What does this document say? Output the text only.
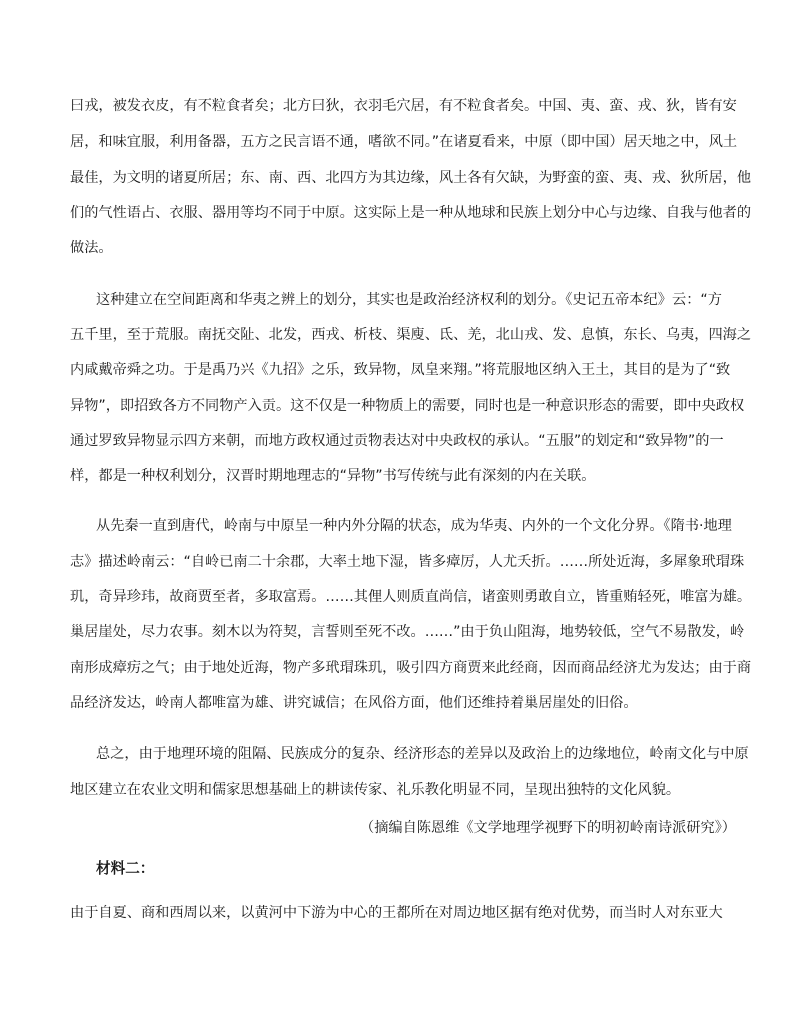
曰戎，被发衣皮，有不粒食者矣；北方曰狄，衣羽毛穴居，有不粒食者矣。中国、夷、蛮、戎、狄，皆有安
居，和味宜服，利用备器，五方之民言语不通，嗜欲不同。”在诸夏看来，中原（即中国）居天地之中，风土
最佳，为文明的诸夏所居；东、南、西、北四方为其边缘，风土各有欠缺，为野蛮的蛮、夷、戎、狄所居，他
们的气性语占、衣服、器用等均不同于中原。这实际上是一种从地球和民族上划分中心与边缘、自我与他者的
做法。
这种建立在空间距离和华夷之辨上的划分，其实也是政治经济权利的划分。《史记五帝本纪》云：“方
五千里，至于荒服。南抚交阯、北发，西戎、析枝、渠廋、氐、羌，北山戎、发、息慎，东长、乌夷，四海之
内咸戴帝舜之功。于是禹乃兴《九招》之乐，致异物，凤皇来翔。”将荒服地区纳入王土，其目的是为了“致
异物”，即招致各方不同物产入贡。这不仅是一种物质上的需要，同时也是一种意识形态的需要，即中央政权
通过罗致异物显示四方来朝，而地方政权通过贡物表达对中央政权的承认。“五服”的划定和“致异物”的一
样，都是一种权利划分，汉晋时期地理志的“异物”书写传统与此有深刻的内在关联。
从先秦一直到唐代，岭南与中原呈一种内外分隔的状态，成为华夷、内外的一个文化分界。《隋书·地理
志》描述岭南云：“自岭已南二十余郡，大率土地下湿，皆多瘴厉，人尤夭折。……所处近海，多犀象玳瑁珠
玑，奇异珍玮，故商贾至者，多取富焉。……其俚人则质直尚信，诸蛮则勇敢自立，皆重贿轻死，唯富为雄。
巢居崖处，尽力农事。刻木以为符契，言誓则至死不改。……”由于负山阻海，地势较低，空气不易散发，岭
南形成瘴疠之气；由于地处近海，物产多玳瑁珠玑，吸引四方商贾来此经商，因而商品经济尤为发达；由于商
品经济发达，岭南人都唯富为雄、讲究诚信；在风俗方面，他们还维持着巢居崖处的旧俗。
总之，由于地理环境的阻隔、民族成分的复杂、经济形态的差异以及政治上的边缘地位，岭南文化与中原
地区建立在农业文明和儒家思想基础上的耕读传家、礼乐教化明显不同，呈现出独特的文化风貌。
（摘编自陈恩维《文学地理学视野下的明初岭南诗派研究》）
材料二：
由于自夏、商和西周以来，以黄河中下游为中心的王都所在对周边地区据有绝对优势，而当时人对东亚大
